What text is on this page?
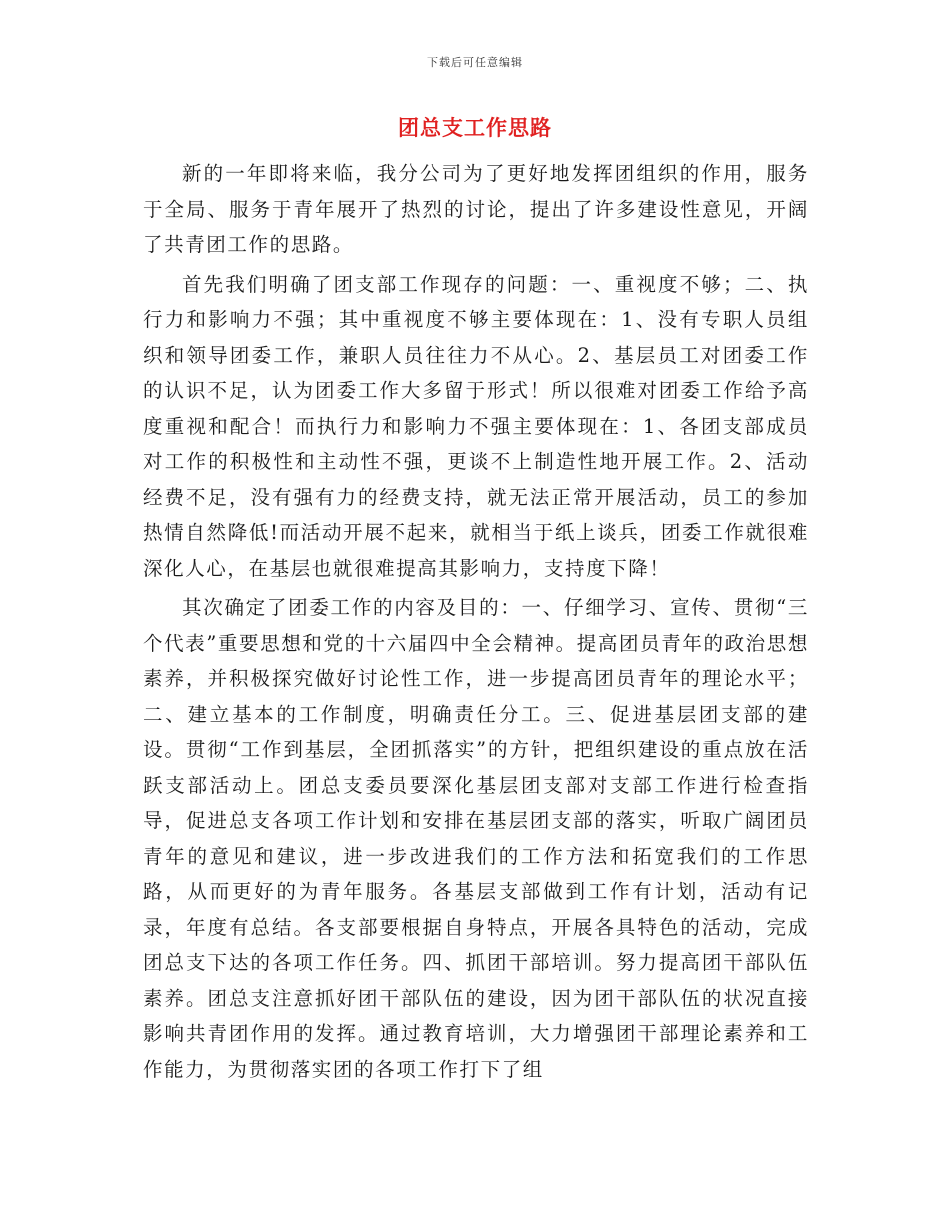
下载后可任意编辑
团总支工作思路

新的一年即将来临，我分公司为了更好地发挥团组织的作用，服务于全局、服务于青年展开了热烈的讨论，提出了许多建设性意见，开阔了共青团工作的思路。

首先我们明确了团支部工作现存的问题：一、重视度不够；二、执行力和影响力不强；其中重视度不够主要体现在：1、没有专职人员组织和领导团委工作，兼职人员往往力不从心。2、基层员工对团委工作的认识不足，认为团委工作大多留于形式！所以很难对团委工作给予高度重视和配合！而执行力和影响力不强主要体现在：1、各团支部成员对工作的积极性和主动性不强，更谈不上制造性地开展工作。2、活动经费不足，没有强有力的经费支持，就无法正常开展活动，员工的参加热情自然降低!而活动开展不起来，就相当于纸上谈兵，团委工作就很难深化人心，在基层也就很难提高其影响力，支持度下降！

其次确定了团委工作的内容及目的：一、仔细学习、宣传、贯彻“三个代表”重要思想和党的十六届四中全会精神。提高团员青年的政治思想素养，并积极探究做好讨论性工作，进一步提高团员青年的理论水平；二、建立基本的工作制度，明确责任分工。三、促进基层团支部的建设。贯彻“工作到基层，全团抓落实”的方针，把组织建设的重点放在活跃支部活动上。团总支委员要深化基层团支部对支部工作进行检查指导，促进总支各项工作计划和安排在基层团支部的落实，听取广阔团员青年的意见和建议，进一步改进我们的工作方法和拓宽我们的工作思路，从而更好的为青年服务。各基层支部做到工作有计划，活动有记录，年度有总结。各支部要根据自身特点，开展各具特色的活动，完成团总支下达的各项工作任务。四、抓团干部培训。努力提高团干部队伍素养。团总支注意抓好团干部队伍的建设，因为团干部队伍的状况直接影响共青团作用的发挥。通过教育培训，大力增强团干部理论素养和工作能力，为贯彻落实团的各项工作打下了组
